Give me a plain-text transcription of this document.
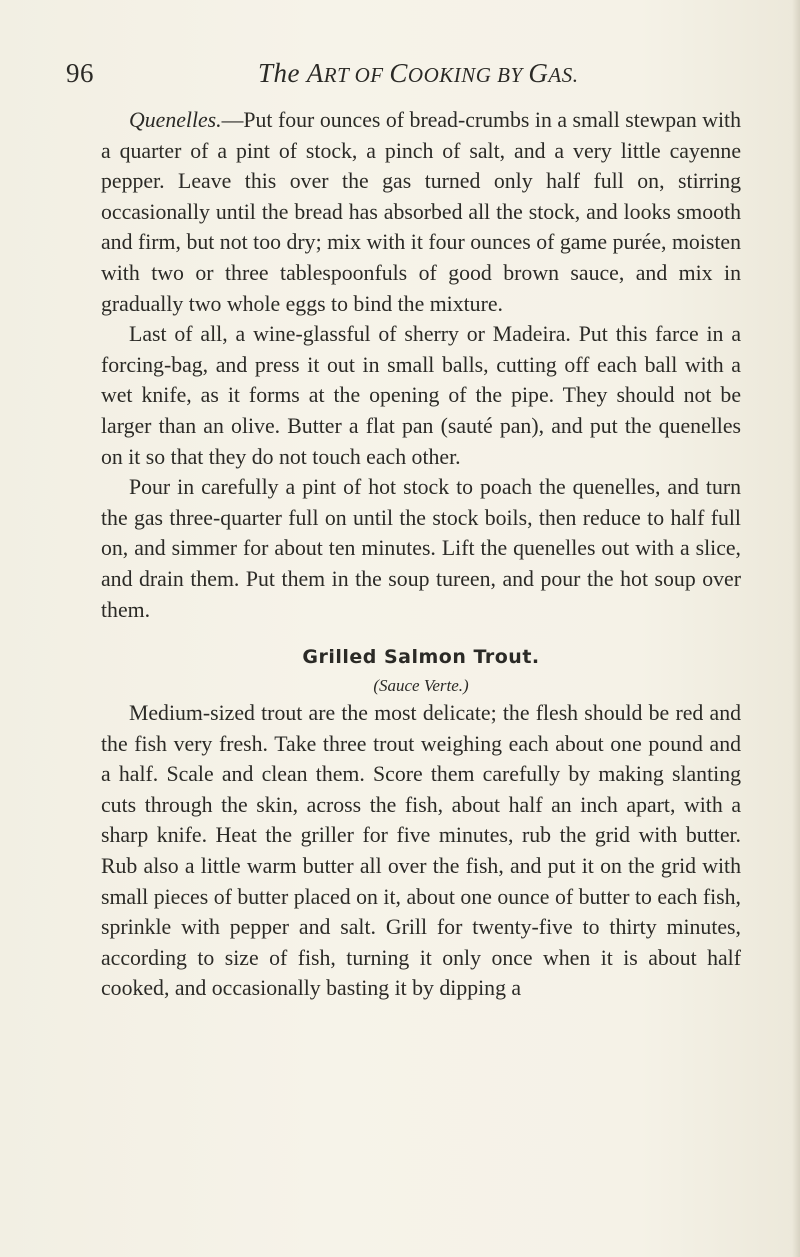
96	The ART OF COOKING BY GAS.

Quenelles.—Put four ounces of bread-crumbs in a small stewpan with a quarter of a pint of stock, a pinch of salt, and a very little cayenne pepper. Leave this over the gas turned only half full on, stirring occasionally until the bread has absorbed all the stock, and looks smooth and firm, but not too dry; mix with it four ounces of game purée, moisten with two or three tablespoonfuls of good brown sauce, and mix in gradually two whole eggs to bind the mixture.

Last of all, a wine-glassful of sherry or Madeira. Put this farce in a forcing-bag, and press it out in small balls, cutting off each ball with a wet knife, as it forms at the opening of the pipe. They should not be larger than an olive. Butter a flat pan (sauté pan), and put the quenelles on it so that they do not touch each other.

Pour in carefully a pint of hot stock to poach the quenelles, and turn the gas three-quarter full on until the stock boils, then reduce to half full on, and simmer for about ten minutes. Lift the quenelles out with a slice, and drain them. Put them in the soup tureen, and pour the hot soup over them.

Grilled Salmon Trout.
(Sauce Verte.)

Medium-sized trout are the most delicate; the flesh should be red and the fish very fresh. Take three trout weighing each about one pound and a half. Scale and clean them. Score them carefully by making slanting cuts through the skin, across the fish, about half an inch apart, with a sharp knife. Heat the griller for five minutes, rub the grid with butter. Rub also a little warm butter all over the fish, and put it on the grid with small pieces of butter placed on it, about one ounce of butter to each fish, sprinkle with pepper and salt. Grill for twenty-five to thirty minutes, according to size of fish, turning it only once when it is about half cooked, and occasionally basting it by dipping a
